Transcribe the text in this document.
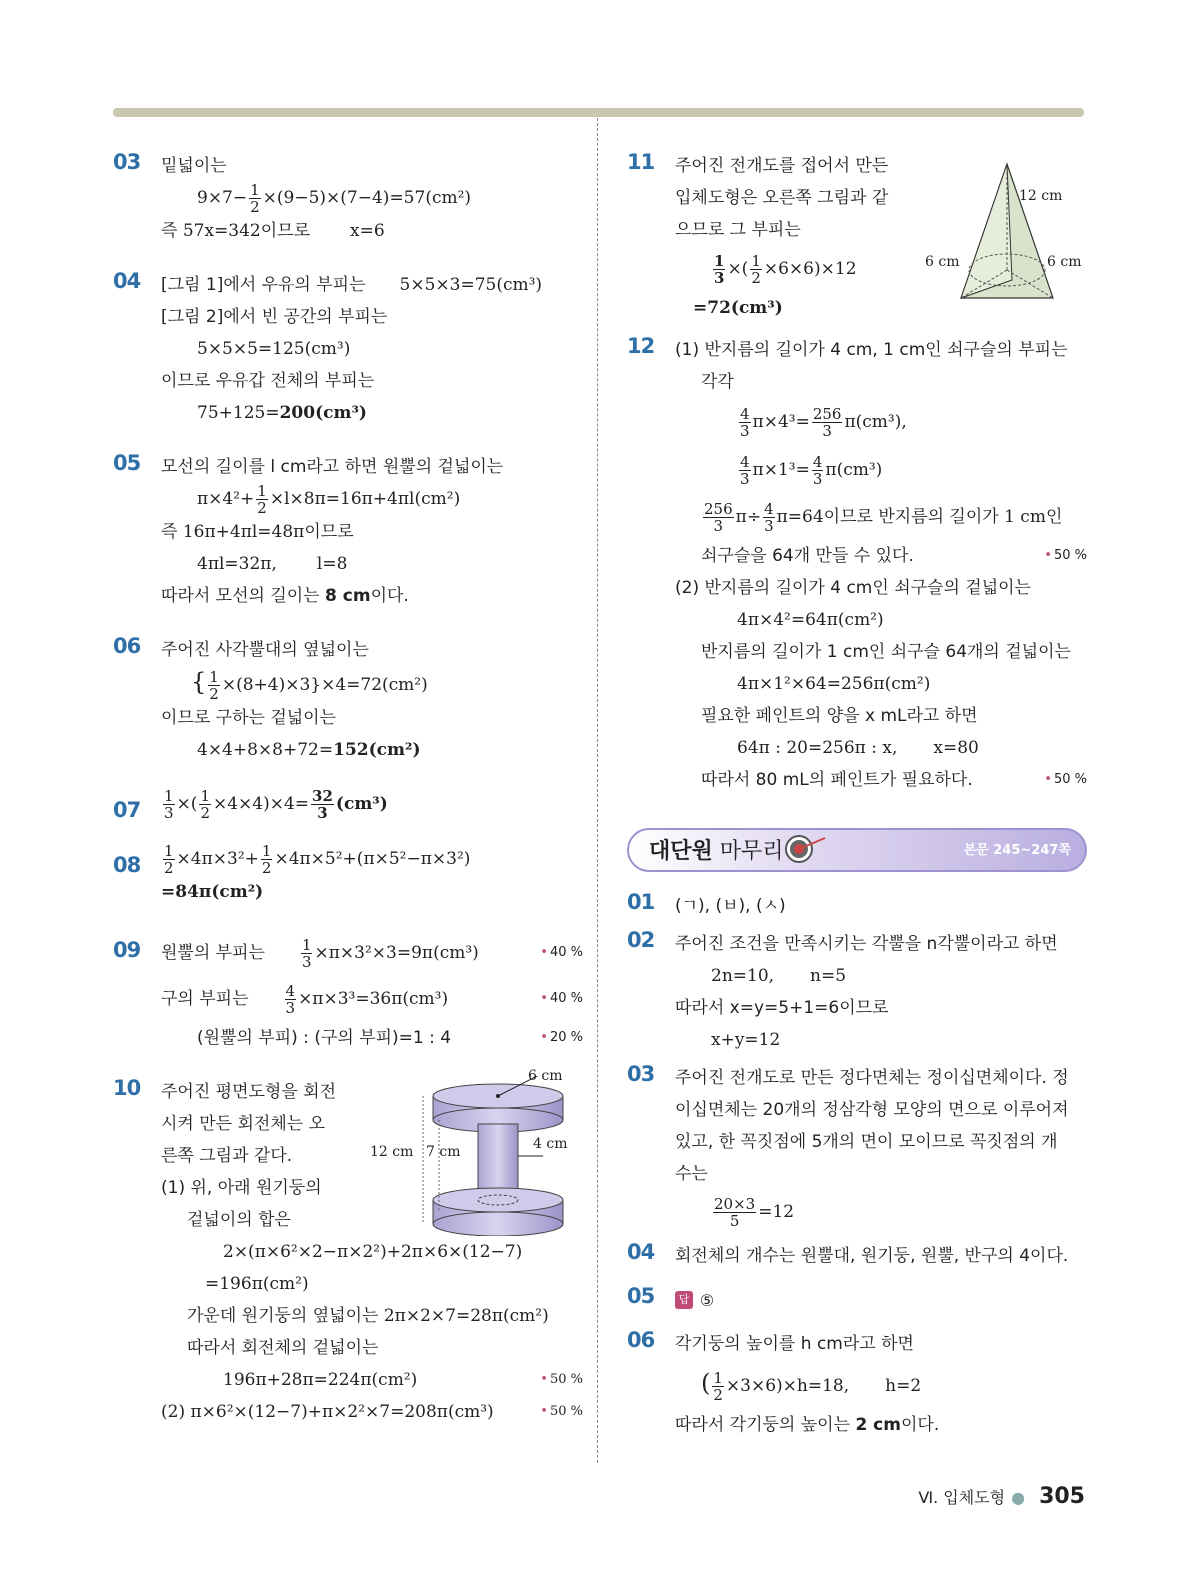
03 밑넓이는
$9\times 7- \frac{1}{2} \times(9-5)\times(7-4)=57(cm^2)$
즉 57x=342이므로 x=6
04 [그림 1]에서 우유의 부피는 5×5×3=75(cm³)
[그림 2]에서 빈 공간의 부피는
5×5×5=125(cm³)
이므로 우유갑 전체의 부피는
75+125=200(cm³)
05 모선의 길이를 l cm라고 하면 원뿔의 겉넓이는
$\pi\times 4^2+ \frac{1}{2} \times l\times 8\pi=16\pi+4\pi l(cm^2)$
즉 16π+4πl=48π이므로
4πl=32π, l=8
따라서 모선의 길이는 8 cm이다.
06 주어진 사각뿔대의 옆넓이는
{ $\frac{1}{2} \times(8+4)\times 3\}\times 4=72(cm^2)$
이므로 구하는 겉넓이는
4×4+8×8+72=152(cm²)
$07 \frac{1}{3}$ ×( $\frac{1}{2} \times 4\times 4)\times 4= \frac{32}{3} (cm^3)$
$08 \frac{1}{2} \times 4\pi\times 3^2+ \frac{1}{2} \times 4\pi\times 5^2+(\pi\times 5^2-\pi\times 3^2)$
=84π(cm²)
09 원뿔의 부피는 $\frac{1}{3} \times\pi\times 3^2\times 3=9\pi(cm^3)$	• 40 %
구의 부피는 $\frac{4}{3} \times\pi\times 3^3=36\pi(cm^3)$	• 40 %
(원뿔의 부피) : (구의 부피)=1 : 4	• 20 %
10 주어진 평면도형을 회전
시켜 만든 회전체는 오
른쪽 그림과 같다.
(1) 위, 아래 원기둥의
겉넓이의 합은
2×(π×6²×2−π×2²)+2π×6×(12−7)
=196π(cm²)
가운데 원기둥의 옆넓이는 2π×2×7=28π(cm²)
따라서 회전체의 겉넓이는
196π+28π=224π(cm²)	• 50 %
(2) π×6²×(12−7)+π×2²×7=208π(cm³)	• 50 %
6 cm
12 cm 7 cm	4 cm
11 주어진 전개도를 접어서 만든
입체도형은 오른쪽 그림과 같
으므로 그 부피는
$\frac{1}{3}$ ×( $\frac{1}{2} \times 6\times 6)\times 12$
=72(cm³)
12 cm
6 cm	6 cm
12 (1) 반지름의 길이가 4 cm, 1 cm인 쇠구슬의 부피는
각각
$\frac{4}{3} \pi\times 4^3= \frac{256}{3} \pi(cm^3)$,
$\frac{4}{3} \pi\times 1^3= \frac{4}{3} \pi(cm^3)$
$\frac{256}{3} \pi\div \frac{4}{3} \pi=64$이므로 반지름의 길이가 1 cm인
쇠구슬을 64개 만들 수 있다.	• 50 %
(2) 반지름의 길이가 4 cm인 쇠구슬의 겉넓이는
4π×4²=64π(cm²)
반지름의 길이가 1 cm인 쇠구슬 64개의 겉넓이는
4π×1²×64=256π(cm²)
필요한 페인트의 양을 x mL라고 하면
64π : 20=256π : x, x=80
따라서 80 mL의 페인트가 필요하다.	• 50 %
대단원 마무리	본문 245~247쪽
01 (ㄱ), (ㅂ), (ㅅ)
02 주어진 조건을 만족시키는 각뿔을 n각뿔이라고 하면
2n=10, n=5
따라서 x=y=5+1=6이므로
x+y=12
03 주어진 전개도로 만든 정다면체는 정이십면체이다. 정
이십면체는 20개의 정삼각형 모양의 면으로 이루어져
있고, 한 꼭짓점에 5개의 면이 모이므로 꼭짓점의 개
수는
$\frac{20\times 3}{5} =12$
04 회전체의 개수는 원뿔대, 원기둥, 원뿔, 반구의 4이다.
05	답 ⑤
06 각기둥의 높이를 h cm라고 하면
( $\frac{1}{2} \times 3\times 6)\times h=18$, h=2
따라서 각기둥의 높이는 2 cm이다.
Ⅵ. 입체도형 ● 305
